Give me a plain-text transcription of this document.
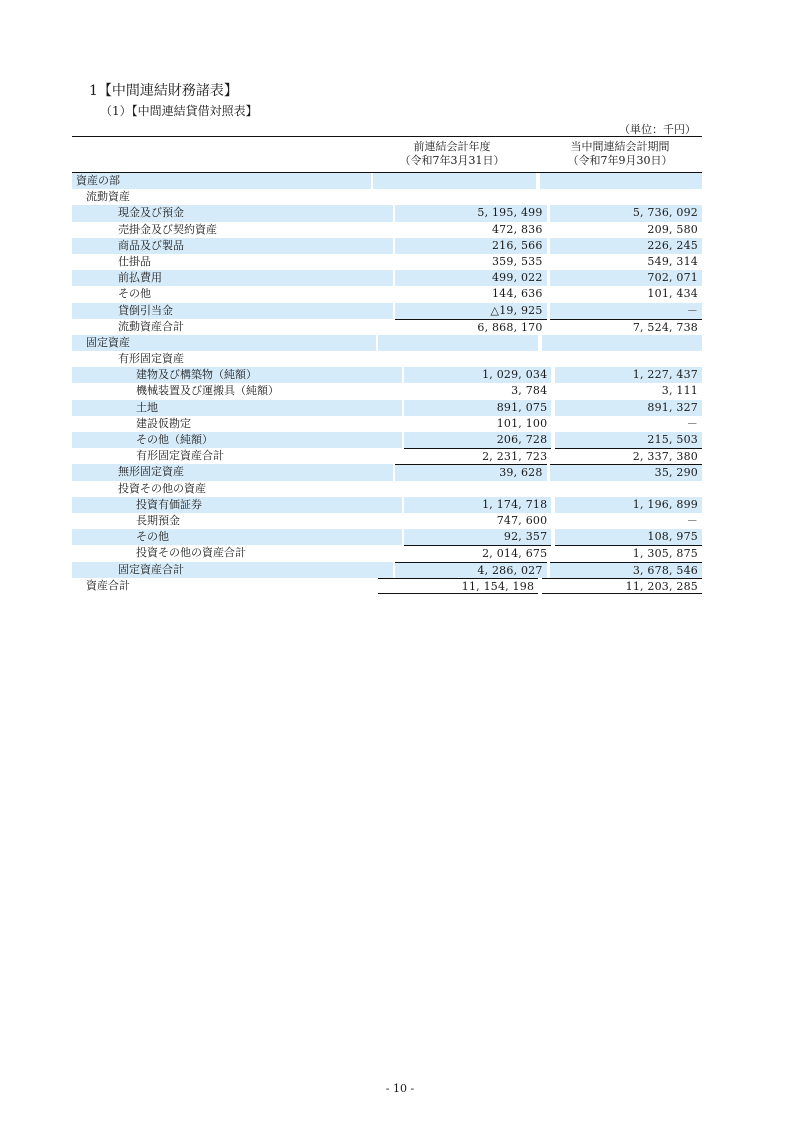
1【中間連結財務諸表】
（1）【中間連結貸借対照表】
（単位：千円）
前連結会計年度
（令和7年3月31日）
当中間連結会計期間
（令和7年9月30日）
資産の部
流動資産
現金及び預金	5, 195, 499	5, 736, 092
売掛金及び契約資産	472, 836	209, 580
商品及び製品	216, 566	226, 245
仕掛品	359, 535	549, 314
前払費用	499, 022	702, 071
その他	144, 636	101, 434
貸倒引当金	△19, 925	－
流動資産合計	6, 868, 170	7, 524, 738
固定資産
有形固定資産
建物及び構築物（純額）	1, 029, 034	1, 227, 437
機械装置及び運搬具（純額）	3, 784	3, 111
土地	891, 075	891, 327
建設仮勘定	101, 100	－
その他（純額）	206, 728	215, 503
有形固定資産合計	2, 231, 723	2, 337, 380
無形固定資産	39, 628	35, 290
投資その他の資産
投資有価証券	1, 174, 718	1, 196, 899
長期預金	747, 600	－
その他	92, 357	108, 975
投資その他の資産合計	2, 014, 675	1, 305, 875
固定資産合計	4, 286, 027	3, 678, 546
資産合計	11, 154, 198	11, 203, 285
- 10 -
